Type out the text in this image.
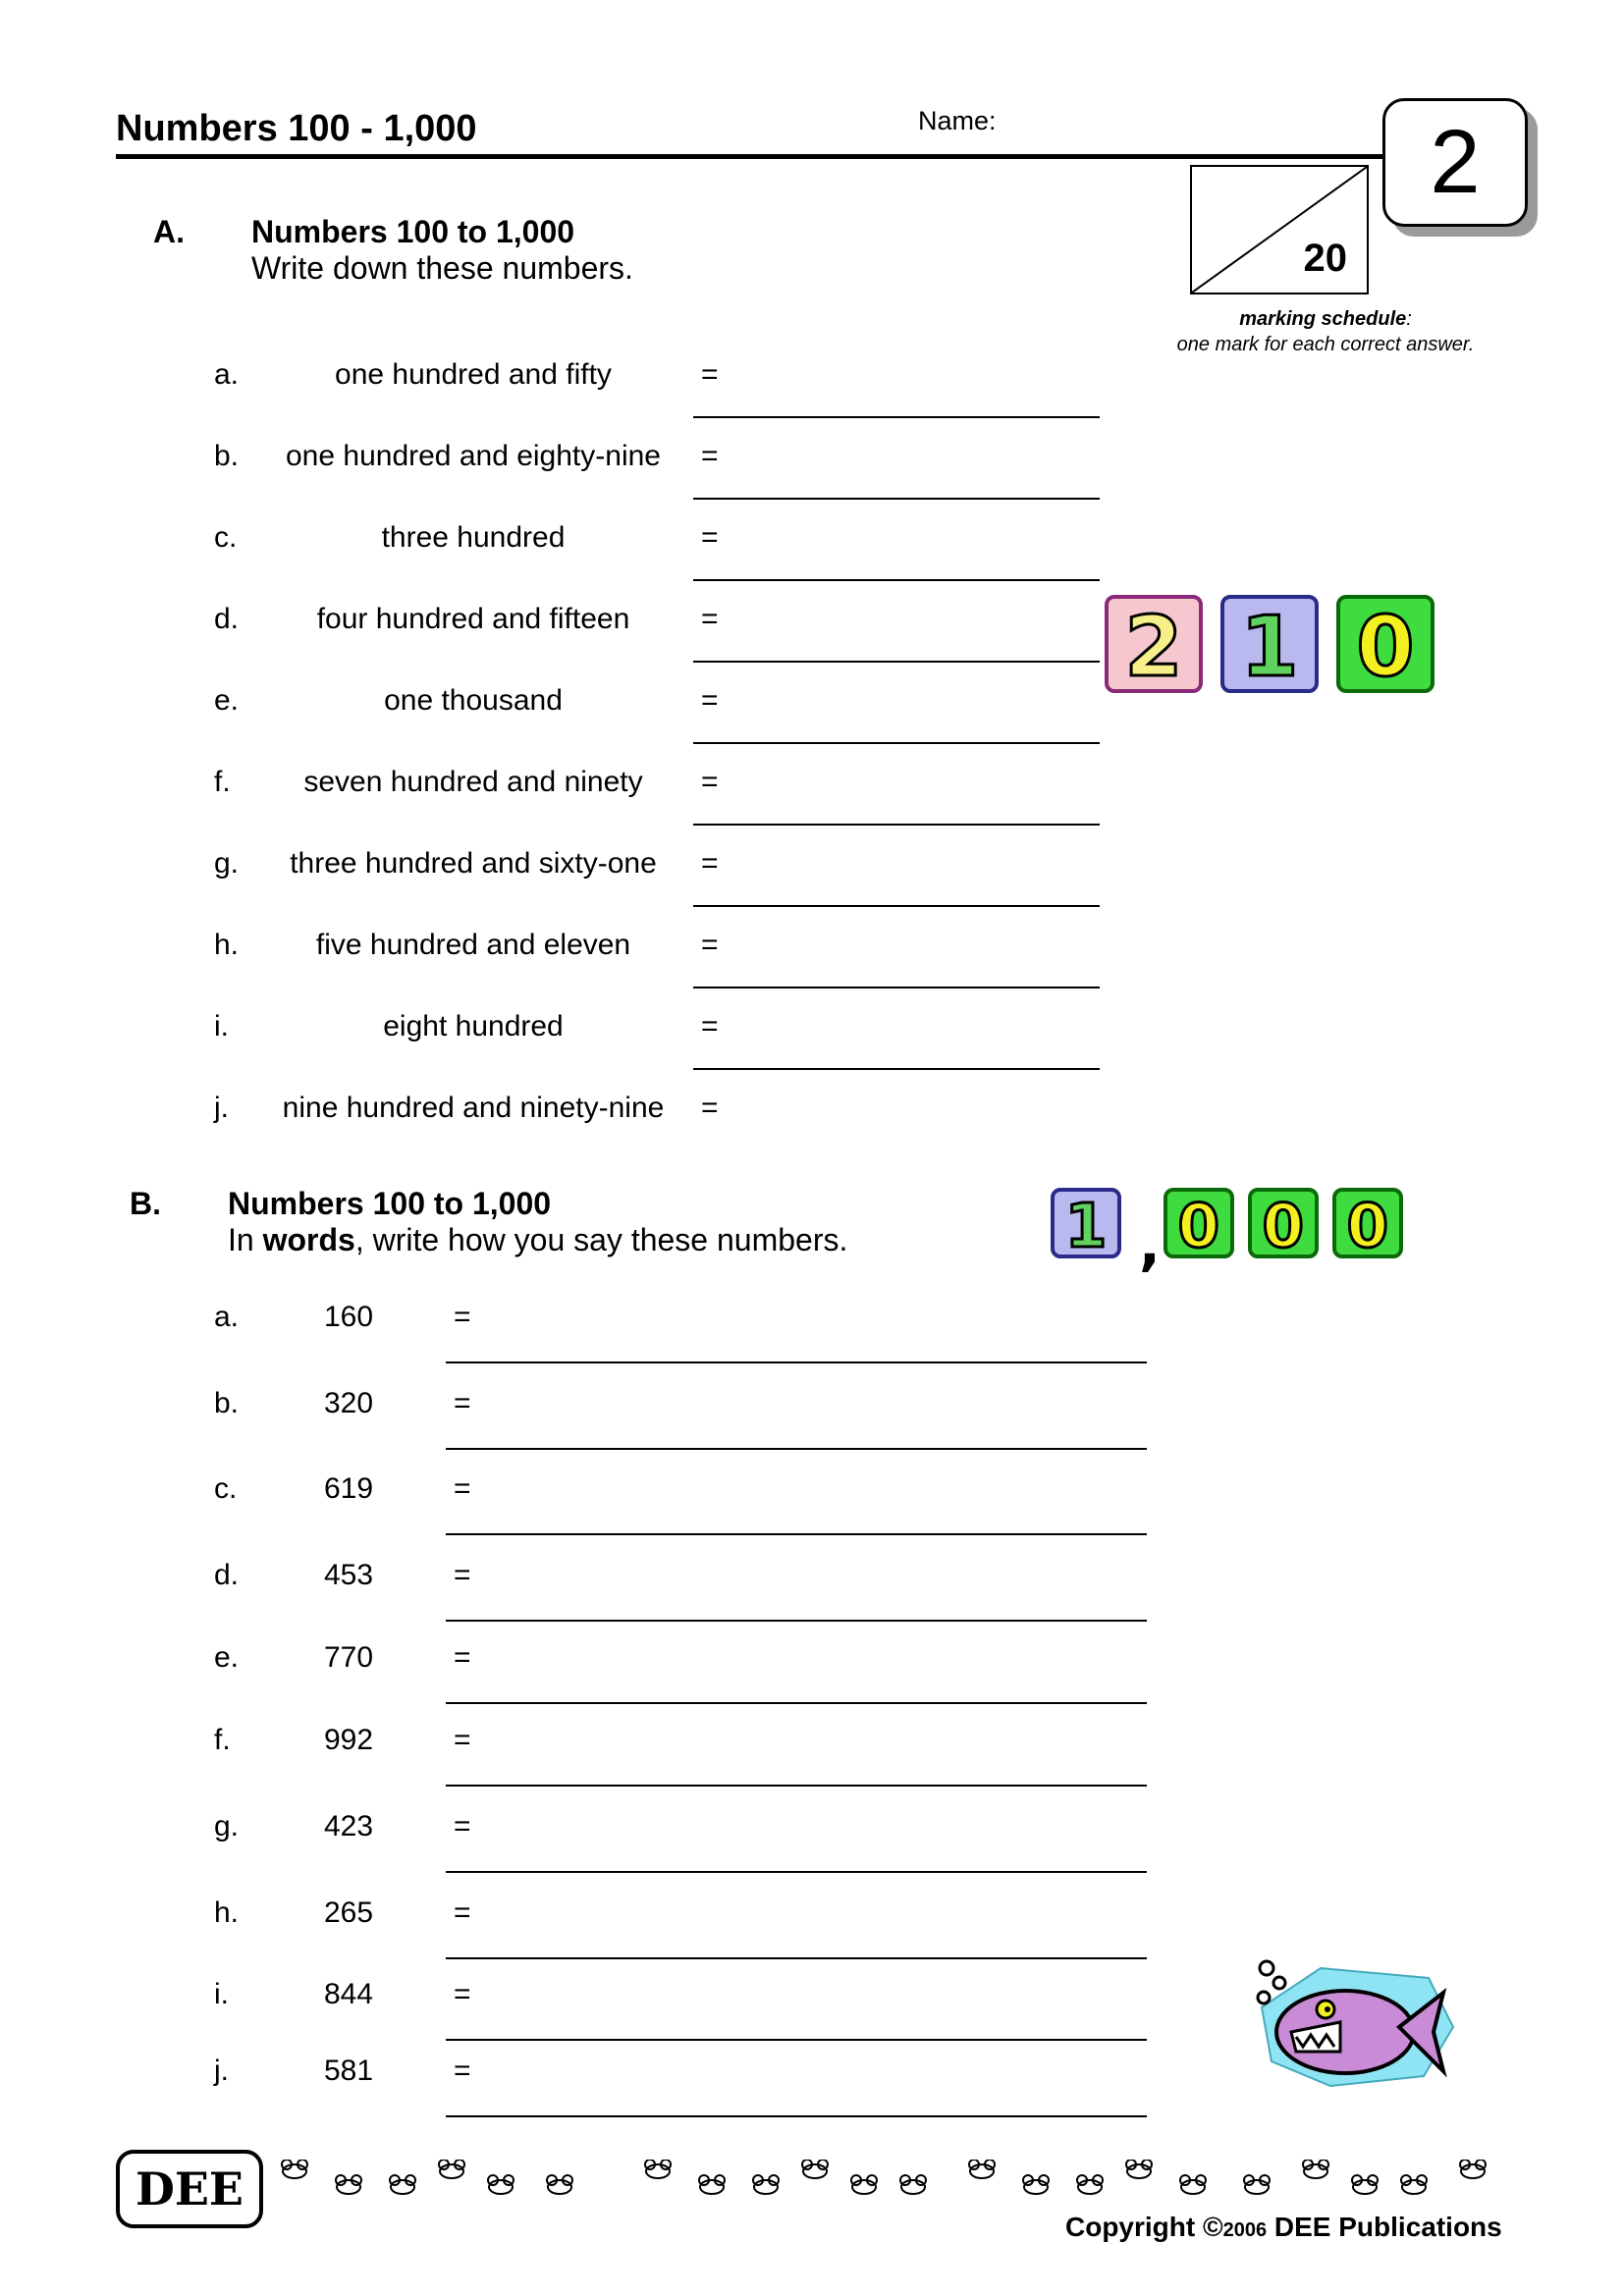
Numbers 100 - 1,000	Name:	2
20
marking schedule:
one mark for each correct answer.
A. Numbers 100 to 1,000
Write down these numbers.
a.	one hundred and fifty	=
b.	one hundred and eighty-nine	=
c.	three hundred	=
d.	four hundred and fifteen	=
e.	one thousand	=
f.	seven hundred and ninety	=
g.	three hundred and sixty-one	=
h.	five hundred and eleven	=
i.	eight hundred	=
j.	nine hundred and ninety-nine	=
2 1 0
B. Numbers 100 to 1,000
In words, write how you say these numbers.	1 , 0 0 0
a.	160	=
b.	320	=
c.	619	=
d.	453	=
e.	770	=
f.	992	=
g.	423	=
h.	265	=
i.	844	=
j.	581	=
DEE
Copyright ©2006 DEE Publications
